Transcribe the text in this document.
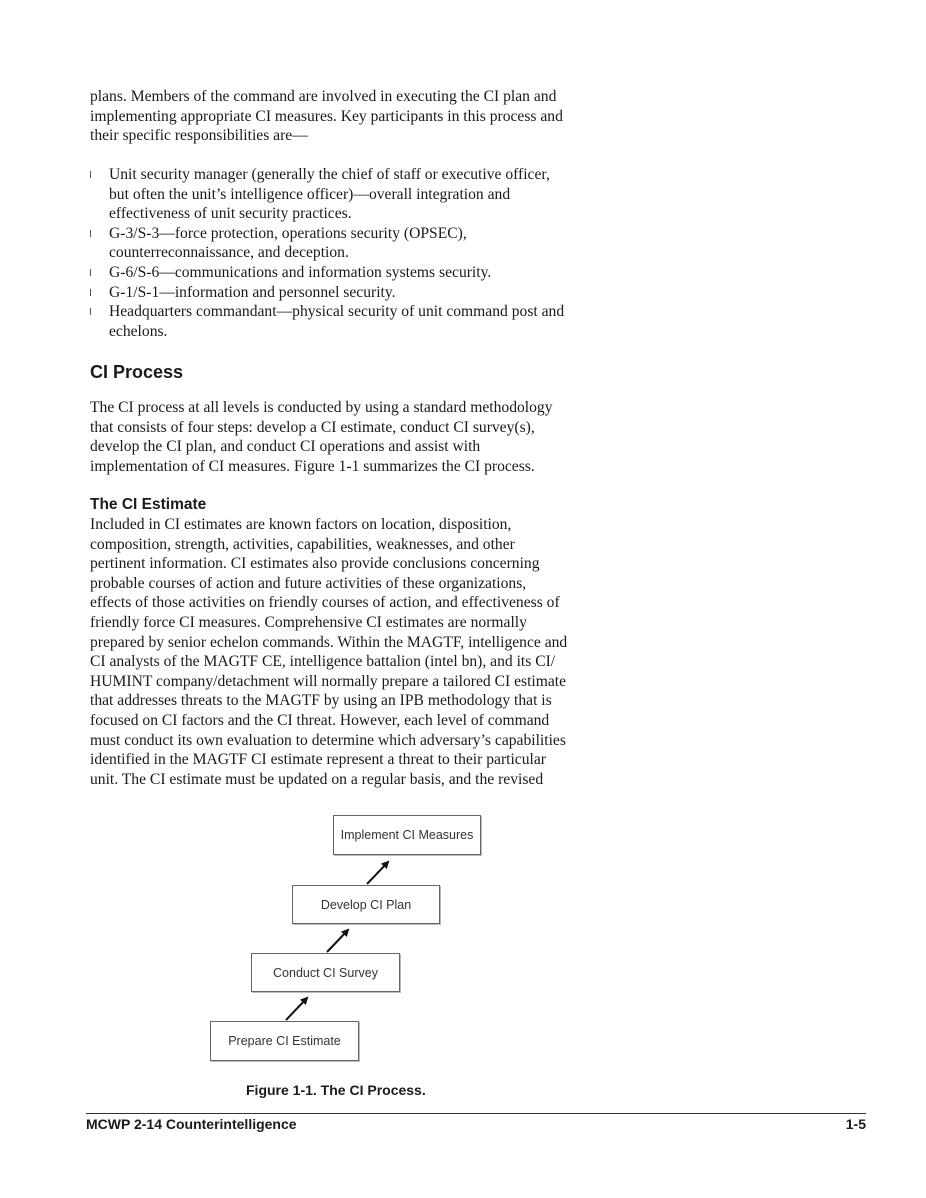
plans. Members of the command are involved in executing the CI plan and

implementing appropriate CI measures. Key participants in this process and

their specific responsibilities are—

Unit security manager (generally the chief of staff or executive officer,
but often the unit’s intelligence officer)—overall integration and
effectiveness of unit security practices.
G-3/S-3—force protection, operations security (OPSEC),
counterreconnaissance, and deception.
G-6/S-6—communications and information systems security.
G-1/S-1—information and personnel security.
Headquarters commandant—physical security of unit command post and
echelons.
CI Process

The CI process at all levels is conducted by using a standard methodology

that consists of four steps: develop a CI estimate, conduct CI survey(s),

develop the CI plan, and conduct CI operations and assist with

implementation of CI measures. Figure 1-1 summarizes the CI process.

The CI Estimate

Included in CI estimates are known factors on location, disposition,

composition, strength, activities, capabilities, weaknesses, and other

pertinent information. CI estimates also provide conclusions concerning

probable courses of action and future activities of these organizations,

effects of those activities on friendly courses of action, and effectiveness of

friendly force CI measures. Comprehensive CI estimates are normally

prepared by senior echelon commands. Within the MAGTF, intelligence and

CI analysts of the MAGTF CE, intelligence battalion (intel bn), and its CI/

HUMINT company/detachment will normally prepare a tailored CI estimate

that addresses threats to the MAGTF by using an IPB methodology that is

focused on CI factors and the CI threat. However, each level of command

must conduct its own evaluation to determine which adversary’s capabilities

identified in the MAGTF CI estimate represent a threat to their particular

unit. The CI estimate must be updated on a regular basis, and the revised

Implement CI Measures
Develop CI Plan
Conduct CI Survey
Prepare CI Estimate
Figure 1-1. The CI Process.
MCWP 2-14 Counterintelligence	1-5
